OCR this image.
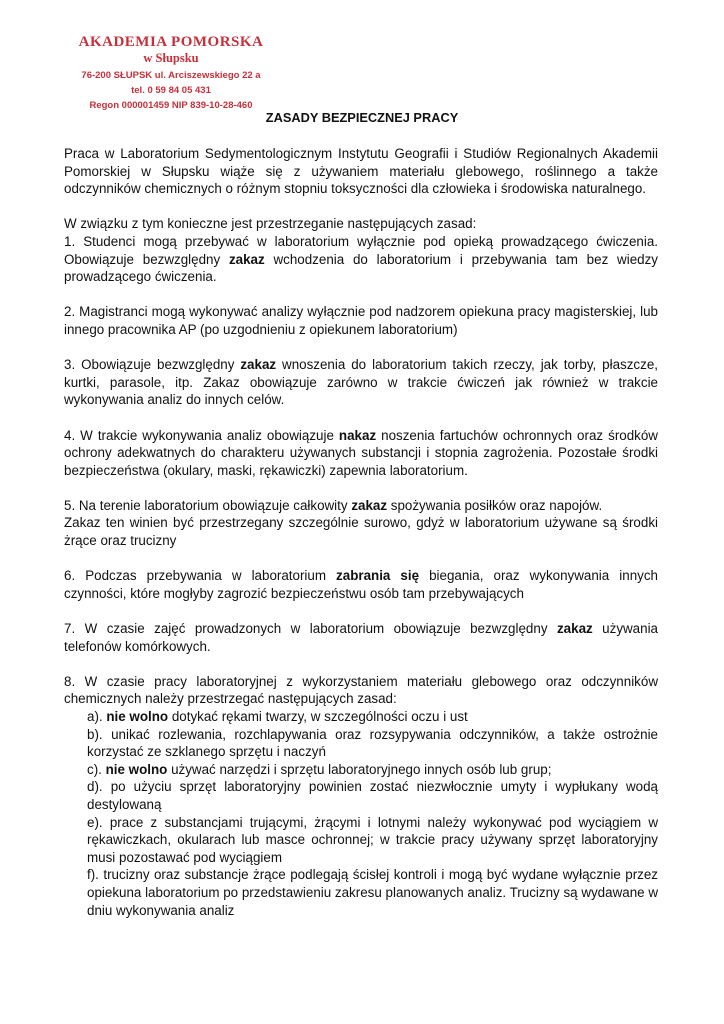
AKADEMIA POMORSKA
w Słupsku
76-200 SŁUPSK ul. Arciszewskiego 22 a
tel. 0 59 84 05 431
Regon 000001459 NIP 839-10-28-460
ZASADY BEZPIECZNEJ PRACY

Praca w Laboratorium Sedymentologicznym Instytutu Geografii i Studiów Regionalnych Akademii Pomorskiej w Słupsku wiąże się z używaniem materiału glebowego, roślinnego a także odczynników chemicznych o różnym stopniu toksyczności dla człowieka i środowiska naturalnego.

W związku z tym konieczne jest przestrzeganie następujących zasad:

1. Studenci mogą przebywać w laboratorium wyłącznie pod opieką prowadzącego ćwiczenia. Obowiązuje bezwzględny zakaz wchodzenia do laboratorium i przebywania tam bez wiedzy prowadzącego ćwiczenia.

2. Magistranci mogą wykonywać analizy wyłącznie pod nadzorem opiekuna pracy magisterskiej, lub innego pracownika AP (po uzgodnieniu z opiekunem laboratorium)

3. Obowiązuje bezwzględny zakaz wnoszenia do laboratorium takich rzeczy, jak torby, płaszcze, kurtki, parasole, itp. Zakaz obowiązuje zarówno w trakcie ćwiczeń jak również w trakcie wykonywania analiz do innych celów.

4. W trakcie wykonywania analiz obowiązuje nakaz noszenia fartuchów ochronnych oraz środków ochrony adekwatnych do charakteru używanych substancji i stopnia zagrożenia. Pozostałe środki bezpieczeństwa (okulary, maski, rękawiczki) zapewnia laboratorium.

5. Na terenie laboratorium obowiązuje całkowity zakaz spożywania posiłków oraz napojów.

Zakaz ten winien być przestrzegany szczególnie surowo, gdyż w laboratorium używane są środki żrące oraz trucizny

6. Podczas przebywania w laboratorium zabrania się biegania, oraz wykonywania innych czynności, które mogłyby zagrozić bezpieczeństwu osób tam przebywających

7. W czasie zajęć prowadzonych w laboratorium obowiązuje bezwzględny zakaz używania telefonów komórkowych.

8. W czasie pracy laboratoryjnej z wykorzystaniem materiału glebowego oraz odczynników chemicznych należy przestrzegać następujących zasad:

a). nie wolno dotykać rękami twarzy, w szczególności oczu i ust

b). unikać rozlewania, rozchlapywania oraz rozsypywania odczynników, a także ostrożnie korzystać ze szklanego sprzętu i naczyń

c). nie wolno używać narzędzi i sprzętu laboratoryjnego innych osób lub grup;

d). po użyciu sprzęt laboratoryjny powinien zostać niezwłocznie umyty i wypłukany wodą destylowaną

e). prace z substancjami trującymi, żrącymi i lotnymi należy wykonywać pod wyciągiem w rękawiczkach, okularach lub masce ochronnej; w trakcie pracy używany sprzęt laboratoryjny musi pozostawać pod wyciągiem

f). trucizny oraz substancje żrące podlegają ścisłej kontroli i mogą być wydane wyłącznie przez opiekuna laboratorium po przedstawieniu zakresu planowanych analiz. Trucizny są wydawane w dniu wykonywania analiz
